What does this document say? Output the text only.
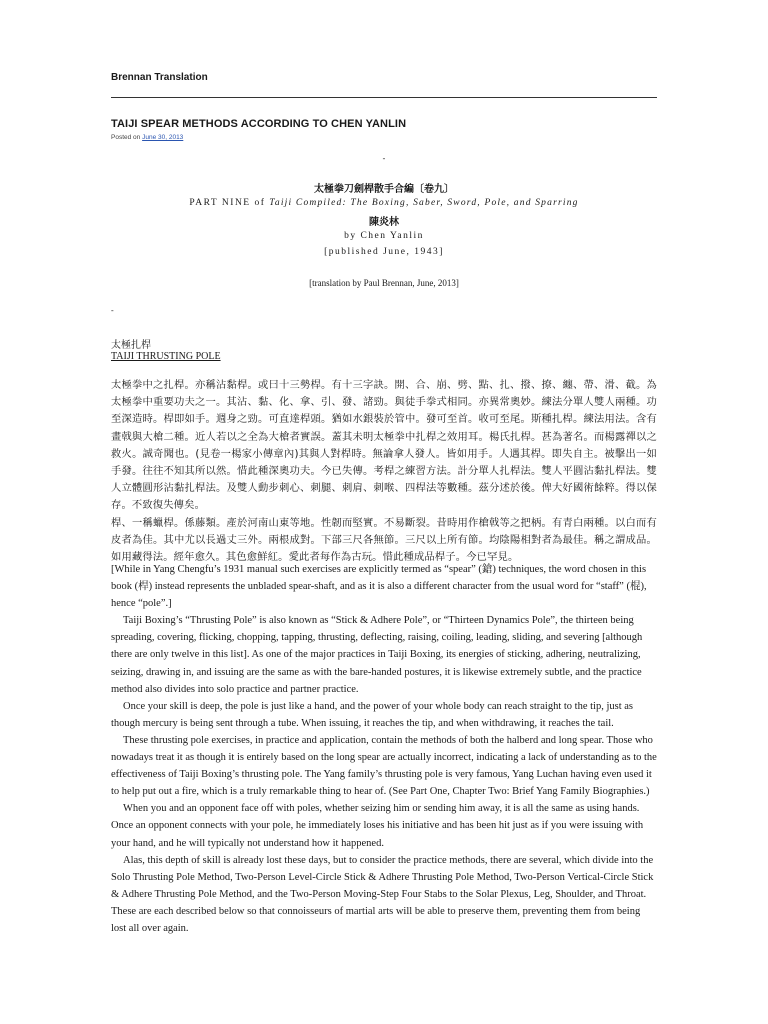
Brennan Translation
TAIJI SPEAR METHODS ACCORDING TO CHEN YANLIN
Posted on June 30, 2013
-
太極拳刀劍桿散手合編〔卷九〕
PART NINE of Taiji Compiled: The Boxing, Saber, Sword, Pole, and Sparring
陳炎林
by Chen Yanlin
[published June, 1943]
[translation by Paul Brennan, June, 2013]
-
太極扎桿
TAIJI THRUSTING POLE

太極拳中之扎桿。亦稱沾黏桿。或曰十三勢桿。有十三字訣。開、合、崩、劈、點、扎、撥、撩、纏、帶、滑、截。為太極拳中重要功夫之一。其沾、黏、化、拿、引、發、諸勁。與徒手拳式相同。亦異常奧妙。練法分單人雙人兩種。功至深造時。桿即如手。週身之勁。可直達桿頭。猶如水銀裝於管中。發可至首。收可至尾。斯種扎桿。練法用法。含有畫戟與大槍二種。近人若以之全為大槍者實誤。蓋其未明太極拳中扎桿之效用耳。楊氏扎桿。甚為著名。而楊露禪以之救火。誠奇聞也。(見卷一楊家小傳章內)其與人對桿時。無論拿人發人。皆如用手。人遇其桿。即失自主。被擊出一如手發。往往不知其所以然。惜此種深奧功夫。今已失傳。考桿之練習方法。計分單人扎桿法。雙人平圓沾黏扎桿法。雙人立體圓形沾黏扎桿法。及雙人動步刺心、刺腿、刺肩、刺喉、四桿法等數種。茲分述於後。俾大好國術餘粹。得以保存。不致復失傳矣。

桿、一稱蠟桿。係藤類。產於河南山東等地。性韌而堅實。不易斷裂。昔時用作槍戟等之把柄。有青白兩種。以白而有皮者為佳。其中尤以長過丈三外。兩根成對。下部三尺各無節。三尺以上所有節。均陰陽相對者為最佳。稱之謂成品。如用藏得法。經年愈久。其色愈鮮紅。愛此者每作為古玩。惜此種成品桿子。今已罕見。

[While in Yang Chengfu’s 1931 manual such exercises are explicitly termed as “spear” (鎗) techniques, the word chosen in this book (桿) instead represents the unbladed spear-shaft, and as it is also a different character from the usual word for “staff” (棍), hence “pole”.]

Taiji Boxing’s “Thrusting Pole” is also known as “Stick & Adhere Pole”, or “Thirteen Dynamics Pole”, the thirteen being spreading, covering, flicking, chopping, tapping, thrusting, deflecting, raising, coiling, leading, sliding, and severing [although there are only twelve in this list]. As one of the major practices in Taiji Boxing, its energies of sticking, adhering, neutralizing, seizing, drawing in, and issuing are the same as with the bare-handed postures, it is likewise extremely subtle, and the practice method also divides into solo practice and partner practice.

Once your skill is deep, the pole is just like a hand, and the power of your whole body can reach straight to the tip, just as though mercury is being sent through a tube. When issuing, it reaches the tip, and when withdrawing, it reaches the tail.

These thrusting pole exercises, in practice and application, contain the methods of both the halberd and long spear. Those who nowadays treat it as though it is entirely based on the long spear are actually incorrect, indicating a lack of understanding as to the effectiveness of Taiji Boxing’s thrusting pole. The Yang family’s thrusting pole is very famous, Yang Luchan having even used it to help put out a fire, which is a truly remarkable thing to hear of. (See Part One, Chapter Two: Brief Yang Family Biographies.)

When you and an opponent face off with poles, whether seizing him or sending him away, it is all the same as using hands. Once an opponent connects with your pole, he immediately loses his initiative and has been hit just as if you were issuing with your hand, and he will typically not understand how it happened.

Alas, this depth of skill is already lost these days, but to consider the practice methods, there are several, which divide into the Solo Thrusting Pole Method, Two-Person Level-Circle Stick & Adhere Thrusting Pole Method, Two-Person Vertical-Circle Stick & Adhere Thrusting Pole Method, and the Two-Person Moving-Step Four Stabs to the Solar Plexus, Leg, Shoulder, and Throat. These are each described below so that connoisseurs of martial arts will be able to preserve them, preventing them from being lost all over again.
